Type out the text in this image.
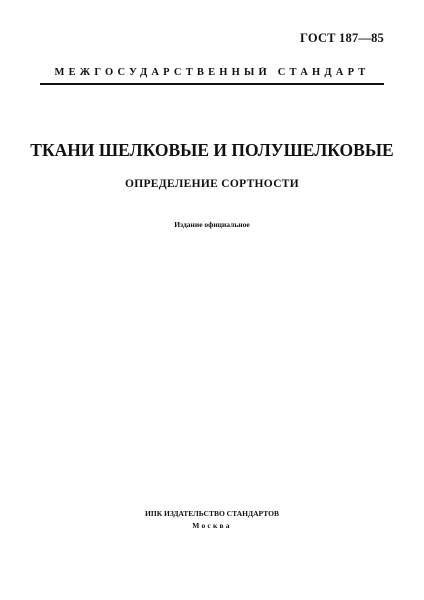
ГОСТ 187—85
МЕЖГОСУДАРСТВЕННЫЙ СТАНДАРТ
ТКАНИ ШЕЛКОВЫЕ И ПОЛУШЕЛКОВЫЕ
ОПРЕДЕЛЕНИЕ СОРТНОСТИ
Издание официальное
ИПК ИЗДАТЕЛЬСТВО СТАНДАРТОВ
Москва
